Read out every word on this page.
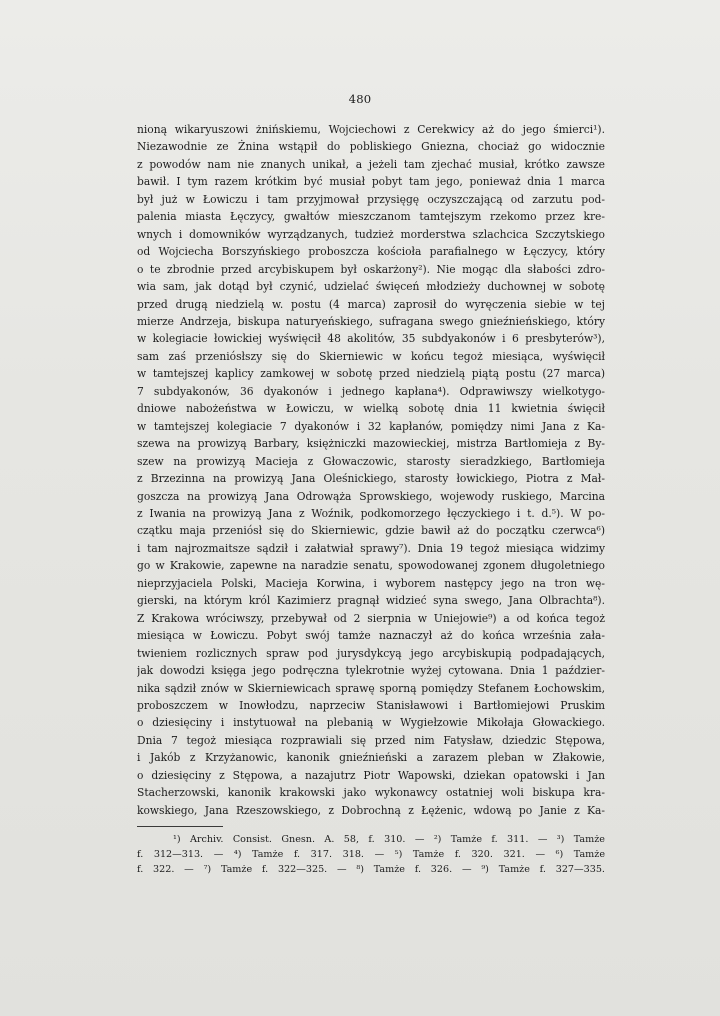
480
nioną wikaryuszowi żnińskiemu, Wojciechowi z Cerekwicy aż do jego śmierci¹).
Niezawodnie ze Żnina wstąpił do pobliskiego Gniezna, chociaż go widocznie
z powodów nam nie znanych unikał, a jeżeli tam zjechać musiał, krótko zawsze
bawił. I tym razem krótkim być musiał pobyt tam jego, ponieważ dnia 1 marca
był już w Łowiczu i tam przyjmował przysięgę oczyszczającą od zarzutu pod-
palenia miasta Łęczycy, gwałtów mieszczanom tamtejszym rzekomo przez kre-
wnych i domowników wyrządzanych, tudzież morderstwa szlachcica Szczytskiego
od Wojciecha Borszyńskiego proboszcza kościoła parafialnego w Łęczycy, który
o te zbrodnie przed arcybiskupem był oskarżony²). Nie mogąc dla słabości zdro-
wia sam, jak dotąd był czynić, udzielać święceń młodzieży duchownej w sobotę
przed drugą niedzielą w. postu (4 marca) zaprosił do wyręczenia siebie w tej
mierze Andrzeja, biskupa naturyeńskiego, sufragana swego gnieźnieńskiego, który
w kolegiacie łowickiej wyświęcił 48 akolitów, 35 subdyakonów i 6 presbyterów³),
sam zaś przeniósłszy się do Skierniewic w końcu tegoż miesiąca, wyświęcił
w tamtejszej kaplicy zamkowej w sobotę przed niedzielą piątą postu (27 marca)
7 subdyakonów, 36 dyakonów i jednego kapłana⁴). Odprawiwszy wielkotygo-
dniowe nabożeństwa w Łowiczu, w wielką sobotę dnia 11 kwietnia święcił
w tamtejszej kolegiacie 7 dyakonów i 32 kapłanów, pomiędzy nimi Jana z Ka-
szewa na prowizyą Barbary, księżniczki mazowieckiej, mistrza Bartłomieja z By-
szew na prowizyą Macieja z Głowaczowic, starosty sieradzkiego, Bartłomieja
z Brzezinna na prowizyą Jana Oleśnickiego, starosty łowickiego, Piotra z Mał-
goszcza na prowizyą Jana Odrowąża Sprowskiego, wojewody ruskiego, Marcina
z Iwania na prowizyą Jana z Woźnik, podkomorzego łęczyckiego i t. d.⁵). W po-
czątku maja przeniósł się do Skierniewic, gdzie bawił aż do początku czerwca⁶)
i tam najrozmaitsze sądził i załatwiał sprawy⁷). Dnia 19 tegoż miesiąca widzimy
go w Krakowie, zapewne na naradzie senatu, spowodowanej zgonem długoletniego
nieprzyjaciela Polski, Macieja Korwina, i wyborem następcy jego na tron wę-
gierski, na którym król Kazimierz pragnął widzieć syna swego, Jana Olbrachta⁸).
Z Krakowa wróciwszy, przebywał od 2 sierpnia w Uniejowie⁹) a od końca tegoż
miesiąca w Łowiczu. Pobyt swój tamże naznaczył aż do końca września zała-
twieniem rozlicznych spraw pod jurysdykcyą jego arcybiskupią podpadających,
jak dowodzi księga jego podręczna tylekrotnie wyżej cytowana. Dnia 1 paździer-
nika sądził znów w Skierniewicach sprawę sporną pomiędzy Stefanem Łochowskim,
proboszczem w Inowłodzu, naprzeciw Stanisławowi i Bartłomiejowi Pruskim
o dziesięciny i instytuował na plebanią w Wygiełzowie Mikołaja Głowackiego.
Dnia 7 tegoż miesiąca rozprawiali się przed nim Fatysław, dziedzic Stępowa,
i Jakób z Krzyżanowic, kanonik gnieźnieński a zarazem pleban w Złakowie,
o dziesięciny z Stępowa, a nazajutrz Piotr Wapowski, dziekan opatowski i Jan
Stacherzowski, kanonik krakowski jako wykonawcy ostatniej woli biskupa kra-
kowskiego, Jana Rzeszowskiego, z Dobrochną z Łężenic, wdową po Janie z Ka-
¹) Archiv. Consist. Gnesn. A. 58, f. 310. — ²) Tamże f. 311. — ³) Tamże
f. 312—313. — ⁴) Tamże f. 317. 318. — ⁵) Tamże f. 320. 321. — ⁶) Tamże
f. 322. — ⁷) Tamże f. 322—325. — ⁸) Tamże f. 326. — ⁹) Tamże f. 327—335.
